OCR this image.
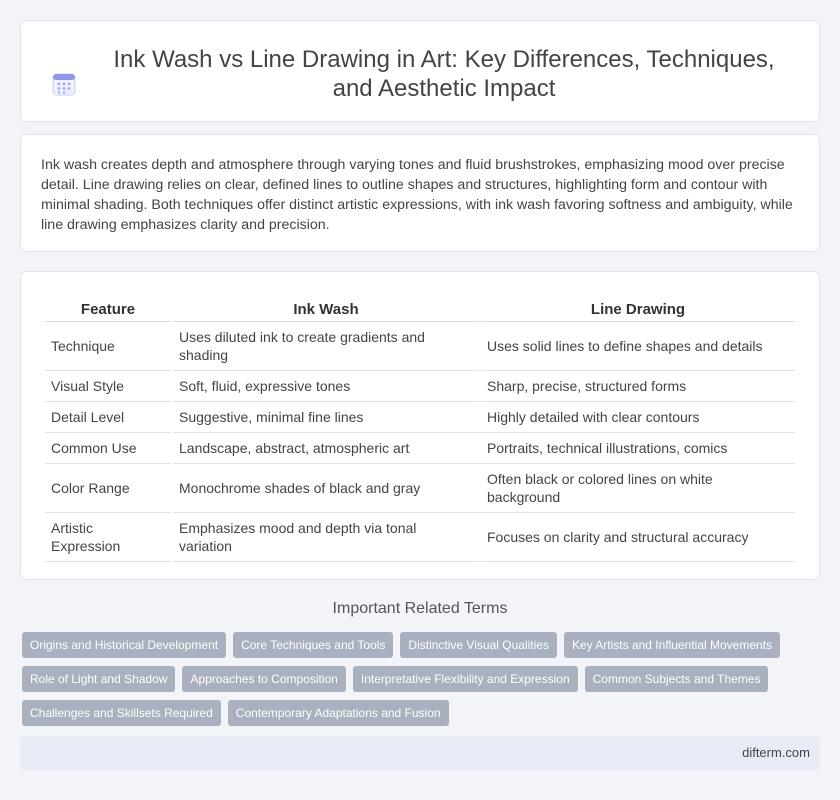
Ink Wash vs Line Drawing in Art: Key Differences, Techniques, and Aesthetic Impact

Ink wash creates depth and atmosphere through varying tones and fluid brushstrokes, emphasizing mood over precise detail. Line drawing relies on clear, defined lines to outline shapes and structures, highlighting form and contour with minimal shading. Both techniques offer distinct artistic expressions, with ink wash favoring softness and ambiguity, while line drawing emphasizes clarity and precision.

Feature	Ink Wash	Line Drawing
Technique	Uses diluted ink to create gradients and shading	Uses solid lines to define shapes and details
Visual Style	Soft, fluid, expressive tones	Sharp, precise, structured forms
Detail Level	Suggestive, minimal fine lines	Highly detailed with clear contours
Common Use	Landscape, abstract, atmospheric art	Portraits, technical illustrations, comics
Color Range	Monochrome shades of black and gray	Often black or colored lines on white background
Artistic Expression	Emphasizes mood and depth via tonal variation	Focuses on clarity and structural accuracy
Important Related Terms
Origins and Historical Development	Core Techniques and Tools	Distinctive Visual Qualities	Key Artists and Influential Movements
Role of Light and Shadow	Approaches to Composition	Interpretative Flexibility and Expression	Common Subjects and Themes
Challenges and Skillsets Required	Contemporary Adaptations and Fusion
difterm.com
